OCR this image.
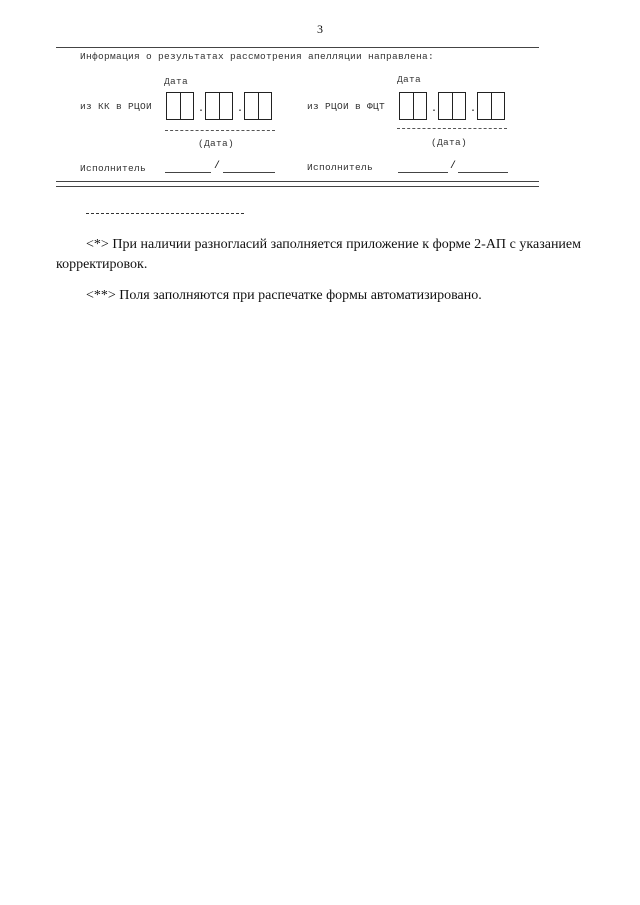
3
Информация о результатах рассмотрения апелляции направлена:
Дата
из КК в РЦОИ	.	.
(Дата)
Исполнитель	/
Дата
из РЦОИ в ФЦТ	.	.
(Дата)
Исполнитель	/
<*> При наличии разногласий заполняется приложение к форме 2-АП с указанием корректировок.
<**> Поля заполняются при распечатке формы автоматизировано.
